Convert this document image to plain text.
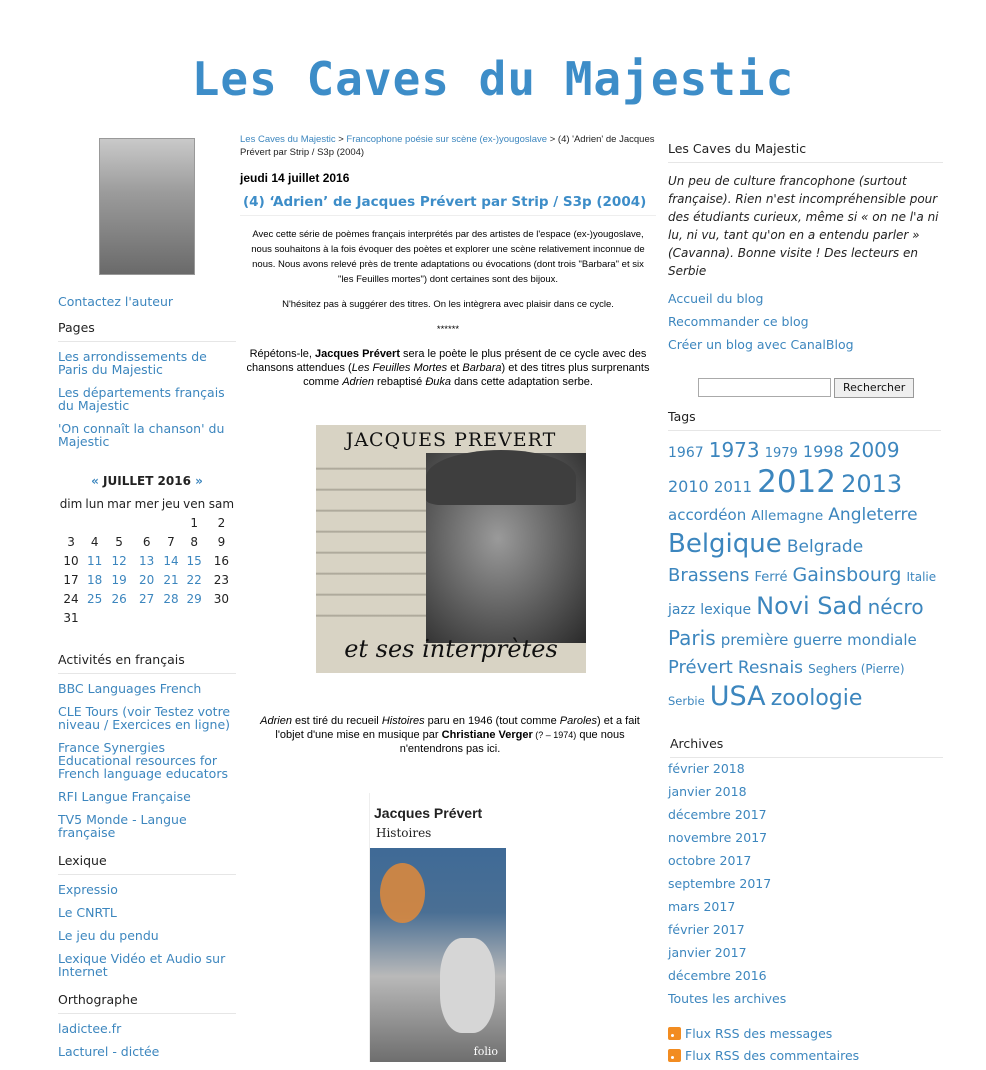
Les Caves du Majestic
Contactez l'auteur
Pages
Les arrondissements de Paris du Majestic
Les départements français du Majestic
'On connaît la chanson' du Majestic
« JUILLET 2016 »
dim	lun	mar	mer	jeu	ven	sam
					1	2
3	4	5	6	7	8	9
10	11	12	13	14	15	16
17	18	19	20	21	22	23
24	25	26	27	28	29	30
31						
Activités en français
BBC Languages French
CLE Tours (voir Testez votre niveau / Exercices en ligne)
France Synergies Educational resources for French language educators
RFI Langue Française
TV5 Monde - Langue française
Lexique
Expressio
Le CNRTL
Le jeu du pendu
Lexique Vidéo et Audio sur Internet
Orthographe
ladictee.fr
Lacturel - dictée
Les Caves du Majestic > Francophone poésie sur scène (ex-)yougoslave > (4) 'Adrien' de Jacques Prévert par Strip / S3p (2004)
jeudi 14 juillet 2016
(4) ‘Adrien’ de Jacques Prévert par Strip / S3p (2004)

Avec cette série de poèmes français interprétés par des artistes de l'espace (ex-)yougoslave, nous souhaitons à la fois évoquer des poètes et explorer une scène relativement inconnue de nous. Nous avons relevé près de trente adaptations ou évocations (dont trois "Barbara" et six "les Feuilles mortes") dont certaines sont des bijoux.

N'hésitez pas à suggérer des titres. On les intègrera avec plaisir dans ce cycle.

******

Répétons-le, Jacques Prévert sera le poète le plus présent de ce cycle avec des chansons attendues (Les Feuilles Mortes et Barbara) et des titres plus surprenants comme Adrien rebaptisé Đuka dans cette adaptation serbe.

JACQUES PREVERT
et ses interprètes

Adrien est tiré du recueil Histoires paru en 1946 (tout comme Paroles) et a fait l'objet d'une mise en musique par Christiane Verger (? – 1974) que nous n'entendrons pas ici.

Jacques Prévert
Histoires
folio
Les Caves du Majestic
Un peu de culture francophone (surtout française). Rien n'est incompréhensible pour des étudiants curieux, même si « on ne l'a ni lu, ni vu, tant qu'on en a entendu parler » (Cavanna). Bonne visite ! Des lecteurs en Serbie
Accueil du blog
Recommander ce blog
Créer un blog avec CanalBlog
Rechercher
Tags
1967 1973 1979 1998 2009 2010 2011 2012 2013 accordéon Allemagne Angleterre Belgique Belgrade Brassens Ferré Gainsbourg Italie jazz lexique Novi Sad nécro Paris première guerre mondiale Prévert Resnais Seghers (Pierre) Serbie USA zoologie
Archives
février 2018
janvier 2018
décembre 2017
novembre 2017
octobre 2017
septembre 2017
mars 2017
février 2017
janvier 2017
décembre 2016
Toutes les archives
Flux RSS des messages
Flux RSS des commentaires
